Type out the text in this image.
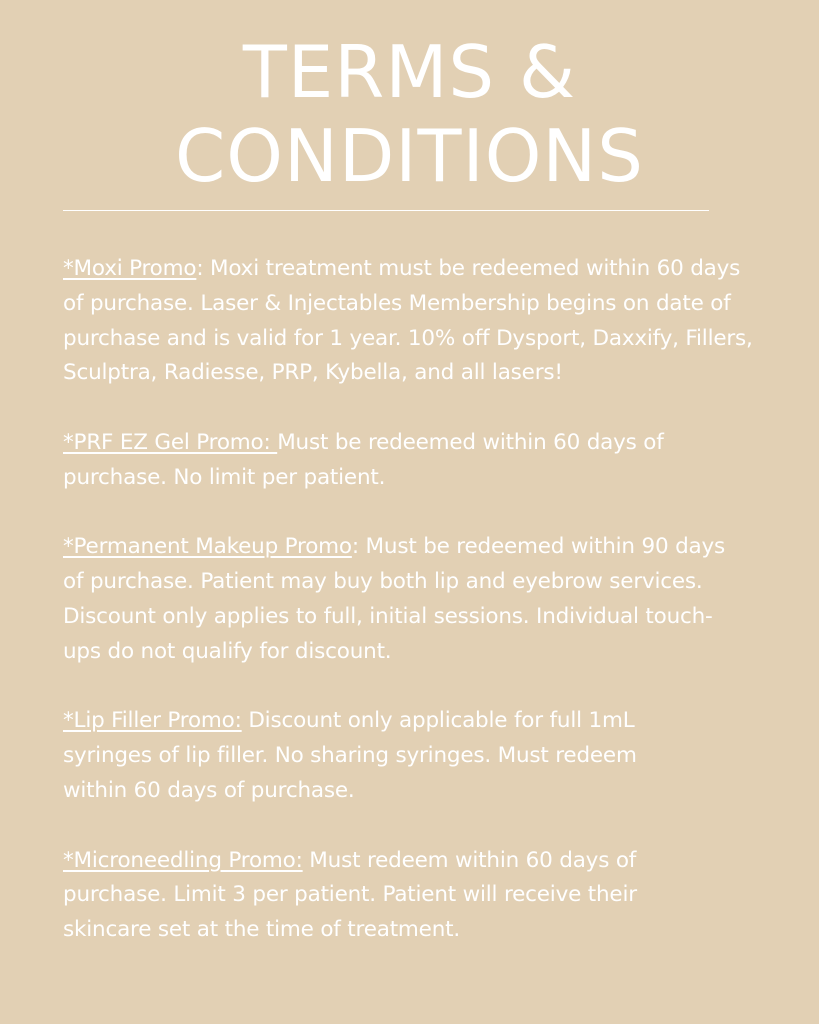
TERMS &
CONDITIONS

*Moxi Promo: Moxi treatment must be redeemed within 60 days of purchase. Laser & Injectables Membership begins on date of purchase and is valid for 1 year. 10% off Dysport, Daxxify, Fillers, Sculptra, Radiesse, PRP, Kybella, and all lasers!

*PRF EZ Gel Promo: Must be redeemed within 60 days of purchase. No limit per patient.

*Permanent Makeup Promo: Must be redeemed within 90 days of purchase. Patient may buy both lip and eyebrow services. Discount only applies to full, initial sessions. Individual touch-ups do not qualify for discount.

*Lip Filler Promo: Discount only applicable for full 1mL syringes of lip filler. No sharing syringes. Must redeem within 60 days of purchase.

*Microneedling Promo: Must redeem within 60 days of purchase. Limit 3 per patient. Patient will receive their skincare set at the time of treatment.
